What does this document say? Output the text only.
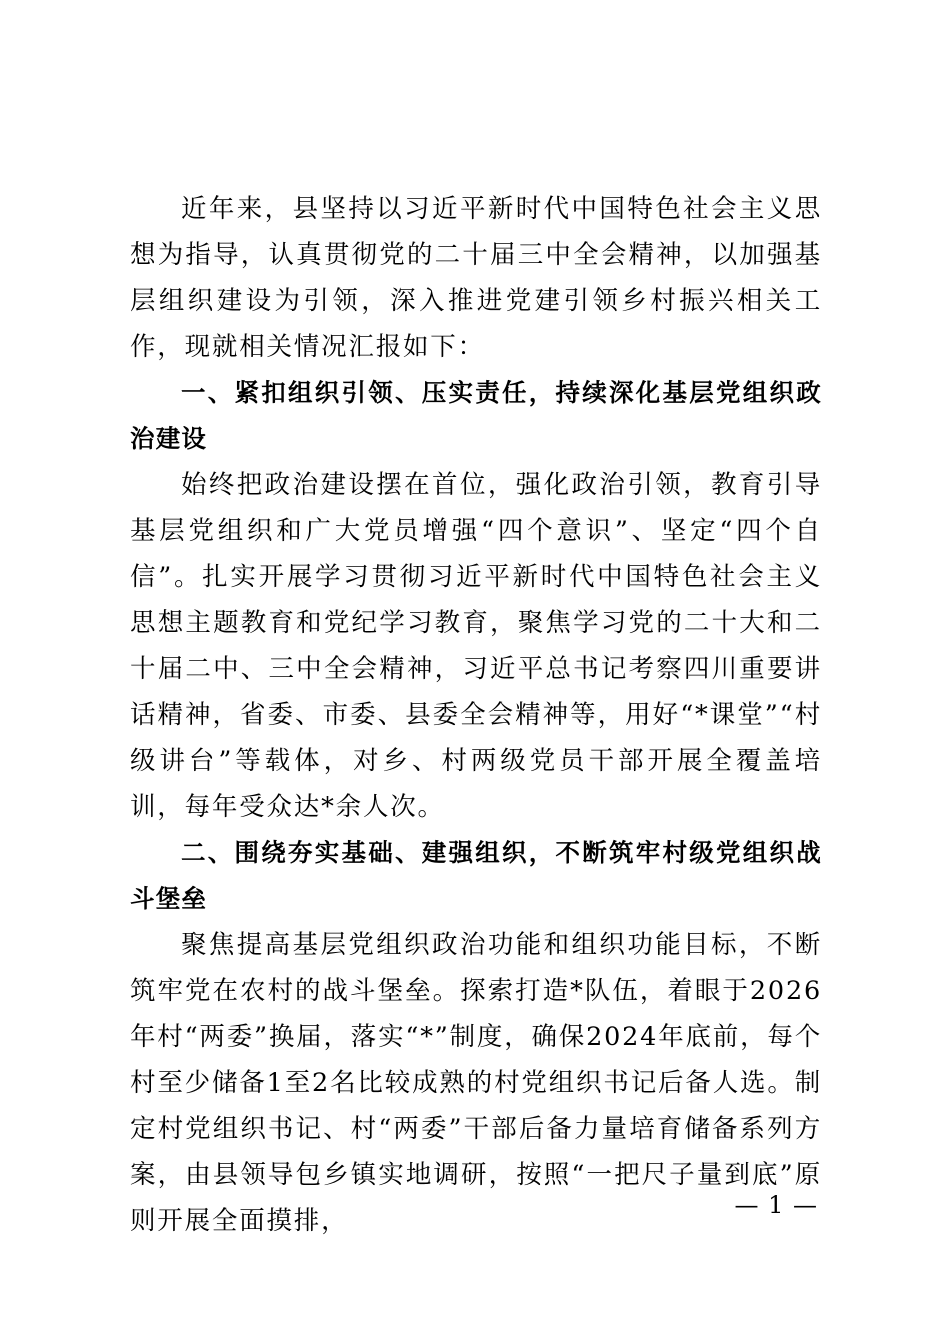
近年来，县坚持以习近平新时代中国特色社会主义思想为指导，认真贯彻党的二十届三中全会精神，以加强基层组织建设为引领，深入推进党建引领乡村振兴相关工作，现就相关情况汇报如下：

一、紧扣组织引领、压实责任，持续深化基层党组织政治建设

始终把政治建设摆在首位，强化政治引领，教育引导基层党组织和广大党员增强“四个意识”、坚定“四个自信”。扎实开展学习贯彻习近平新时代中国特色社会主义思想主题教育和党纪学习教育，聚焦学习党的二十大和二十届二中、三中全会精神，习近平总书记考察四川重要讲话精神，省委、市委、县委全会精神等，用好“*课堂”“村级讲台”等载体，对乡、村两级党员干部开展全覆盖培训，每年受众达*余人次。

二、围绕夯实基础、建强组织，不断筑牢村级党组织战斗堡垒

聚焦提高基层党组织政治功能和组织功能目标，不断筑牢党在农村的战斗堡垒。探索打造*队伍，着眼于2026年村“两委”换届，落实“*”制度，确保2024年底前，每个村至少储备1至2名比较成熟的村党组织书记后备人选。制定村党组织书记、村“两委”干部后备力量培育储备系列方案，由县领导包乡镇实地调研，按照“一把尺子量到底”原则开展全面摸排，

— 1 —
